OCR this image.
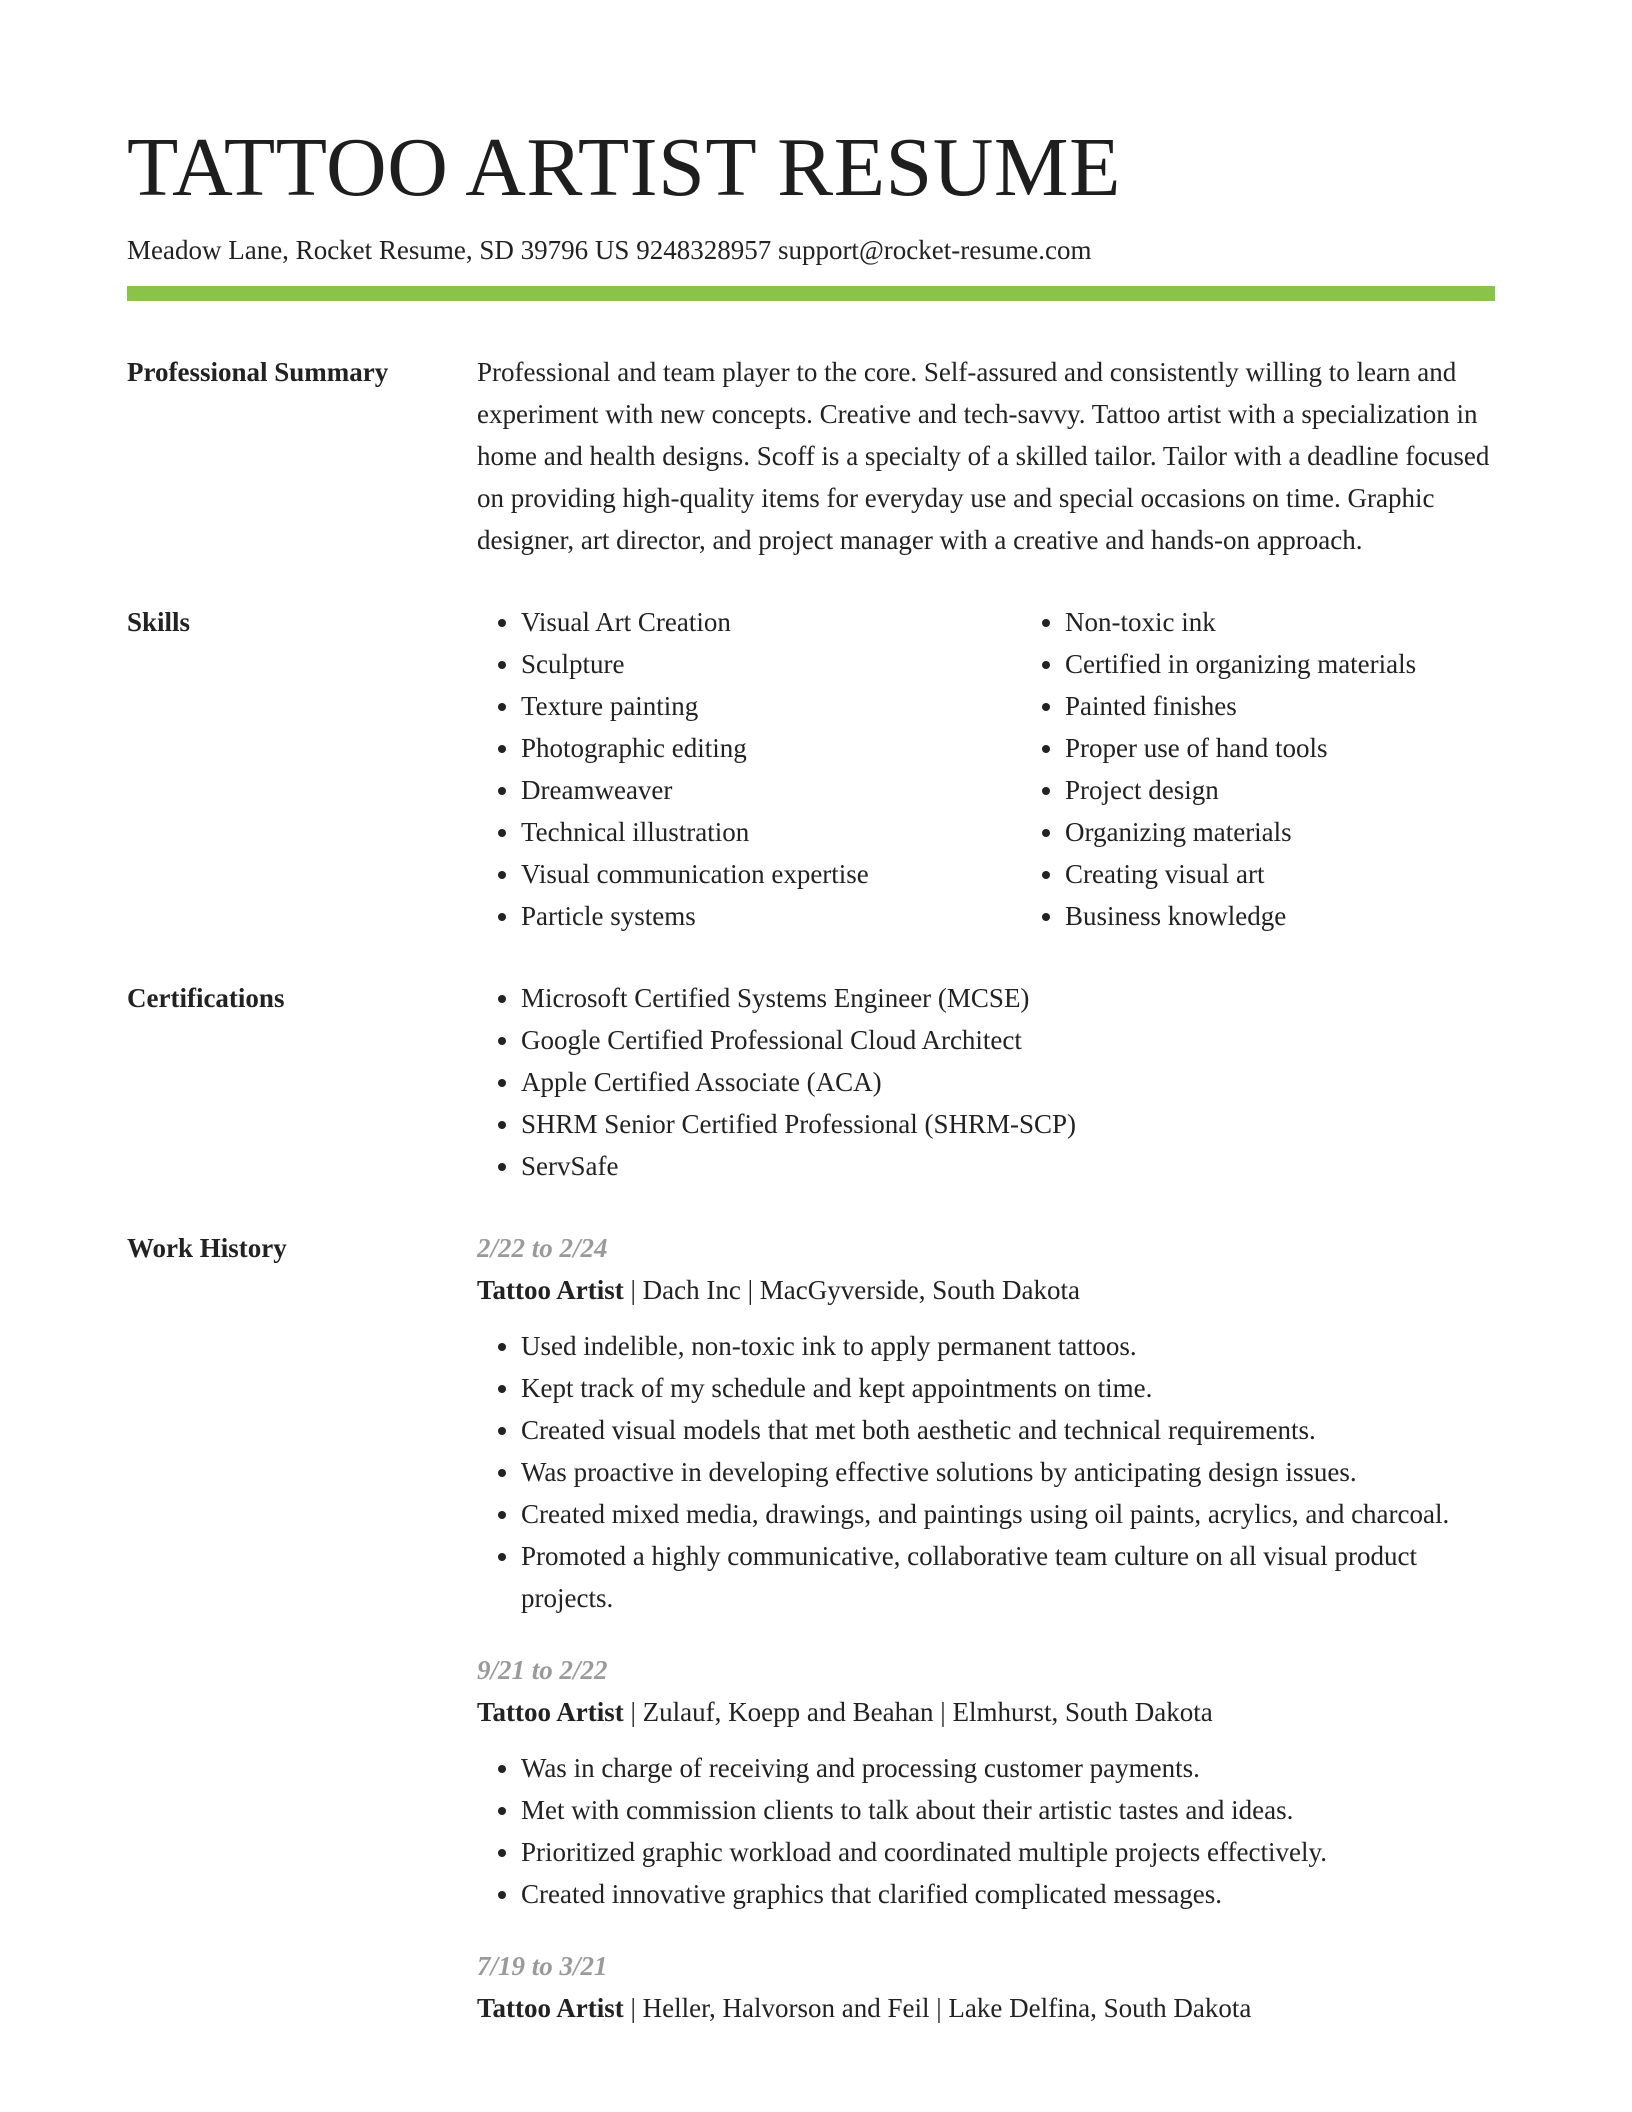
TATTOO ARTIST RESUME
Meadow Lane, Rocket Resume, SD 39796 US 9248328957 support@rocket-resume.com
Professional Summary	Professional and team player to the core. Self-assured and consistently willing to learn and experiment with new concepts. Creative and tech-savvy. Tattoo artist with a specialization in home and health designs. Scoff is a specialty of a skilled tailor. Tailor with a deadline focused on providing high-quality items for everyday use and special occasions on time. Graphic designer, art director, and project manager with a creative and hands-on approach.

Skills	• Visual Art Creation
• Sculpture
• Texture painting
• Photographic editing
• Dreamweaver
• Technical illustration
• Visual communication expertise
• Particle systems
• Non-toxic ink
• Certified in organizing materials
• Painted finishes
• Proper use of hand tools
• Project design
• Organizing materials
• Creating visual art
• Business knowledge
Certifications	• Microsoft Certified Systems Engineer (MCSE)
• Google Certified Professional Cloud Architect
• Apple Certified Associate (ACA)
• SHRM Senior Certified Professional (SHRM-SCP)
• ServSafe
Work History	2/22 to 2/24
Tattoo Artist | Dach Inc | MacGyverside, South Dakota
• Used indelible, non-toxic ink to apply permanent tattoos.
• Kept track of my schedule and kept appointments on time.
• Created visual models that met both aesthetic and technical requirements.
• Was proactive in developing effective solutions by anticipating design issues.
• Created mixed media, drawings, and paintings using oil paints, acrylics, and charcoal.
• Promoted a highly communicative, collaborative team culture on all visual product projects.
9/21 to 2/22
Tattoo Artist | Zulauf, Koepp and Beahan | Elmhurst, South Dakota
• Was in charge of receiving and processing customer payments.
• Met with commission clients to talk about their artistic tastes and ideas.
• Prioritized graphic workload and coordinated multiple projects effectively.
• Created innovative graphics that clarified complicated messages.
7/19 to 3/21
Tattoo Artist | Heller, Halvorson and Feil | Lake Delfina, South Dakota
